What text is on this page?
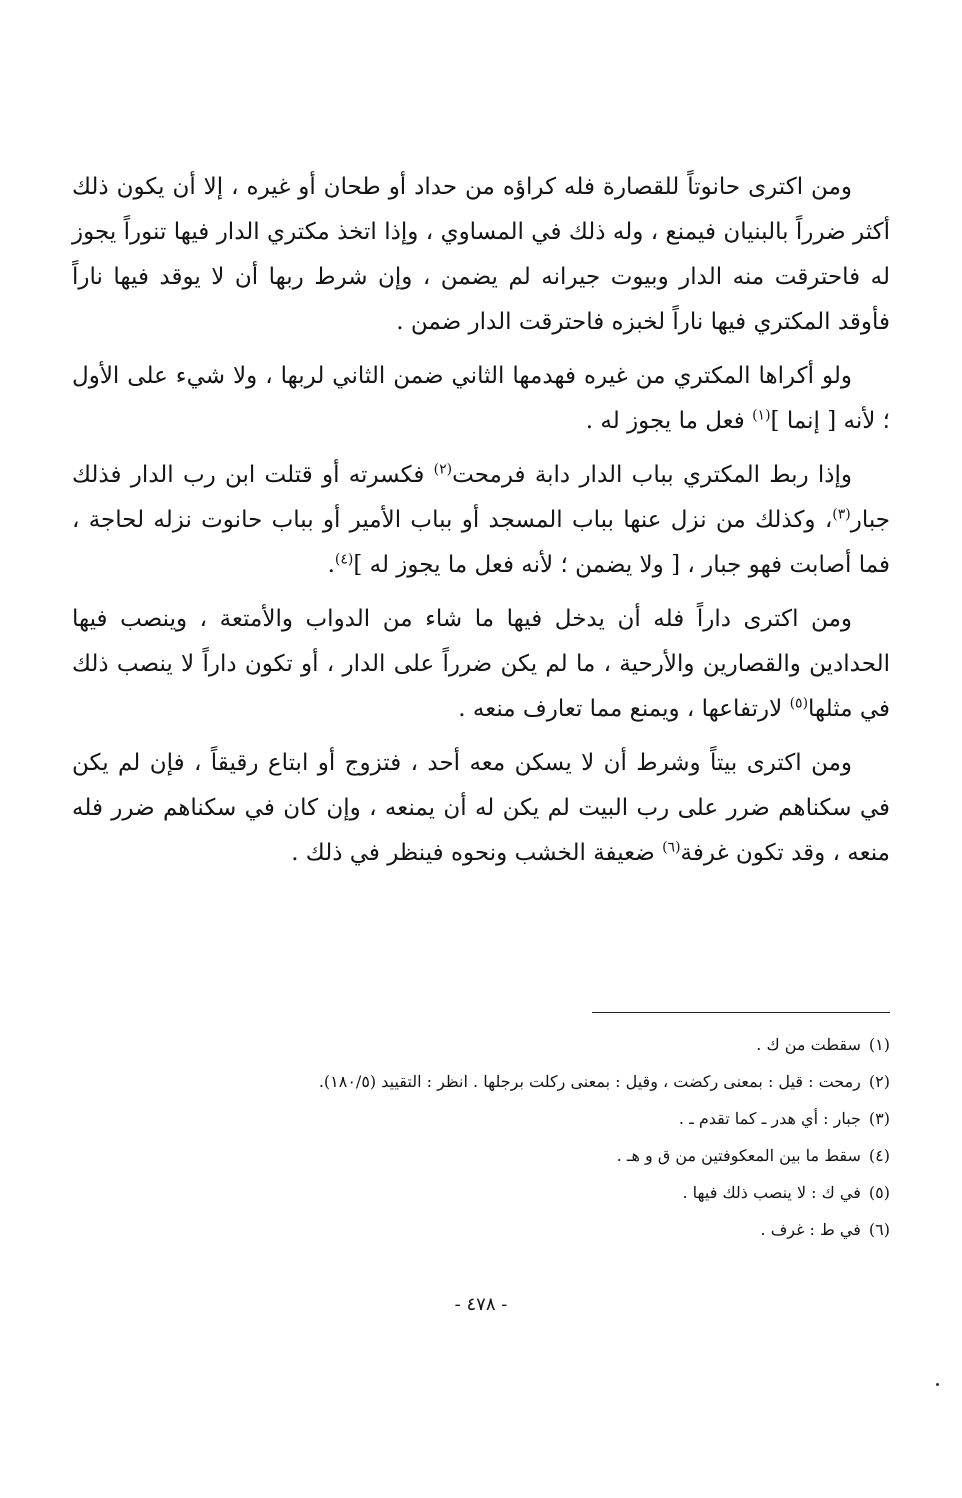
ومن اكترى حانوتاً للقصارة فله كراؤه من حداد أو طحان أو غيره ، إلا أن يكون ذلك أكثر ضرراً بالبنيان فيمنع ، وله ذلك في المساوي ، وإذا اتخذ مكتري الدار فيها تنوراً يجوز له فاحترقت منه الدار وبيوت جيرانه لم يضمن ، وإن شرط ربها أن لا يوقد فيها ناراً فأوقد المكتري فيها ناراً لخبزه فاحترقت الدار ضمن .

ولو أكراها المكتري من غيره فهدمها الثاني ضمن الثاني لربها ، ولا شيء على الأول ؛ لأنه [ إنما ]$^{(١)}$ فعل ما يجوز له .

وإذا ربط المكتري بباب الدار دابة فرمحت$^{(٢)}$ فكسرته أو قتلت ابن رب الدار فذلك جبار$^{(٣)}$، وكذلك من نزل عنها بباب المسجد أو بباب الأمير أو بباب حانوت نزله لحاجة ، فما أصابت فهو جبار ، [ ولا يضمن ؛ لأنه فعل ما يجوز له ]$^{(٤)}$.

ومن اكترى داراً فله أن يدخل فيها ما شاء من الدواب والأمتعة ، وينصب فيها الحدادين والقصارين والأرحية ، ما لم يكن ضرراً على الدار ، أو تكون داراً لا ينصب ذلك في مثلها$^{(٥)}$ لارتفاعها ، ويمنع مما تعارف منعه .

ومن اكترى بيتاً وشرط أن لا يسكن معه أحد ، فتزوج أو ابتاع رقيقاً ، فإن لم يكن في سكناهم ضرر على رب البيت لم يكن له أن يمنعه ، وإن كان في سكناهم ضرر فله منعه ، وقد تكون غرفة$^{(٦)}$ ضعيفة الخشب ونحوه فينظر في ذلك .

(١)سقطت من ك .

(٢)رمحت : قيل : بمعنى ركضت ، وقيل : بمعنى ركلت برجلها . انظر : التقييد (١٨٠/٥).

(٣)جبار : أي هدر ـ كما تقدم ـ .

(٤)سقط ما بين المعكوفتين من ق و هـ .

(٥)في ك : لا ينصب ذلك فيها .

(٦)في ط : غرف .

- ٤٧٨ -
